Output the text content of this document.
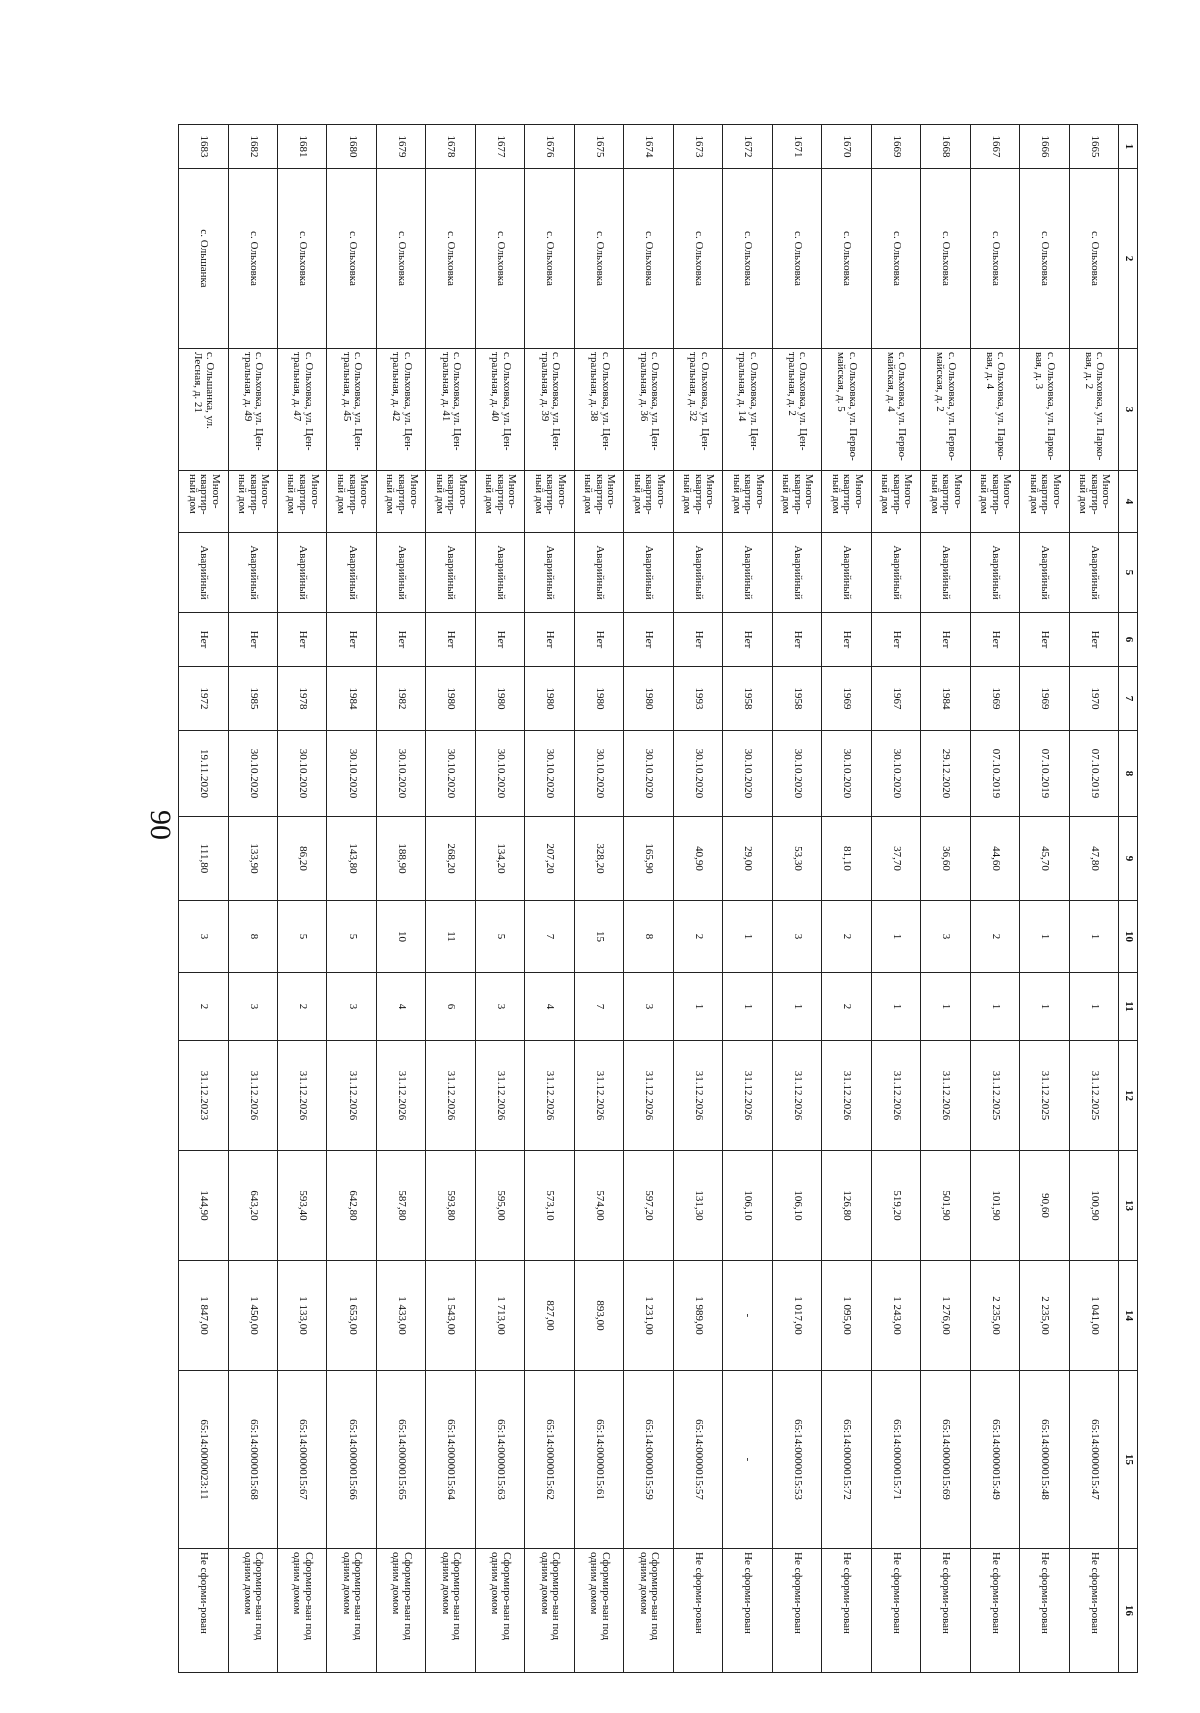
90
1	2	3	4	5	6	7	8	9	10	11	12	13	14	15	16
1665	с. Ольховка	с. Ольховка, ул. Парко-вая, д. 2	Много-квартир-ный дом	Аварийный	Нет	1970	07.10.2019	47,80	1	1	31.12.2025	100,90	1 041,00	65:14:0000015:47	Не сформи-рован
1666	с. Ольховка	с. Ольховка, ул. Парко-вая, д. 3	Много-квартир-ный дом	Аварийный	Нет	1969	07.10.2019	45,70	1	1	31.12.2025	90,60	2 235,00	65:14:0000015:48	Не сформи-рован
1667	с. Ольховка	с. Ольховка, ул. Парко-вая, д. 4	Много-квартир-ный дом	Аварийный	Нет	1969	07.10.2019	44,60	2	1	31.12.2025	101,90	2 235,00	65:14:0000015:49	Не сформи-рован
1668	с. Ольховка	с. Ольховка, ул. Перво-майская, д. 2	Много-квартир-ный дом	Аварийный	Нет	1984	29.12.2020	36,60	3	1	31.12.2026	501,90	1 276,00	65:14:0000015:69	Не сформи-рован
1669	с. Ольховка	с. Ольховка, ул. Перво-майская, д. 4	Много-квартир-ный дом	Аварийный	Нет	1967	30.10.2020	37,70	1	1	31.12.2026	519,20	1 243,00	65:14:0000015:71	Не сформи-рован
1670	с. Ольховка	с. Ольховка, ул. Перво-майская, д. 5	Много-квартир-ный дом	Аварийный	Нет	1969	30.10.2020	81,10	2	2	31.12.2026	126,80	1 095,00	65:14:0000015:72	Не сформи-рован
1671	с. Ольховка	с. Ольховка, ул. Цен-тральная, д. 2	Много-квартир-ный дом	Аварийный	Нет	1958	30.10.2020	53,30	3	1	31.12.2026	106,10	1 017,00	65:14:0000015:53	Не сформи-рован
1672	с. Ольховка	с. Ольховка, ул. Цен-тральная, д. 14	Много-квартир-ный дом	Аварийный	Нет	1958	30.10.2020	29,00	1	1	31.12.2026	106,10	-	-	Не сформи-рован
1673	с. Ольховка	с. Ольховка, ул. Цен-тральная, д. 32	Много-квартир-ный дом	Аварийный	Нет	1993	30.10.2020	40,90	2	1	31.12.2026	131,30	1 989,00	65:14:0000015:57	Не сформи-рован
1674	с. Ольховка	с. Ольховка, ул. Цен-тральная, д. 36	Много-квартир-ный дом	Аварийный	Нет	1980	30.10.2020	165,90	8	3	31.12.2026	597,20	1 231,00	65:14:0000015:59	Сформиро-ван под одним домом
1675	с. Ольховка	с. Ольховка, ул. Цен-тральная, д. 38	Много-квартир-ный дом	Аварийный	Нет	1980	30.10.2020	328,20	15	7	31.12.2026	574,00	893,00	65:14:0000015:61	Сформиро-ван под одним домом
1676	с. Ольховка	с. Ольховка, ул. Цен-тральная, д. 39	Много-квартир-ный дом	Аварийный	Нет	1980	30.10.2020	207,20	7	4	31.12.2026	573,10	827,00	65:14:0000015:62	Сформиро-ван под одним домом
1677	с. Ольховка	с. Ольховка, ул. Цен-тральная, д. 40	Много-квартир-ный дом	Аварийный	Нет	1980	30.10.2020	134,20	5	3	31.12.2026	595,00	1 713,00	65:14:0000015:63	Сформиро-ван под одним домом
1678	с. Ольховка	с. Ольховка, ул. Цен-тральная, д. 41	Много-квартир-ный дом	Аварийный	Нет	1980	30.10.2020	268,20	11	6	31.12.2026	593,80	1 543,00	65:14:0000015:64	Сформиро-ван под одним домом
1679	с. Ольховка	с. Ольховка, ул. Цен-тральная, д. 42	Много-квартир-ный дом	Аварийный	Нет	1982	30.10.2020	188,90	10	4	31.12.2026	587,80	1 433,00	65:14:0000015:65	Сформиро-ван под одним домом
1680	с. Ольховка	с. Ольховка, ул. Цен-тральная, д. 45	Много-квартир-ный дом	Аварийный	Нет	1984	30.10.2020	143,80	5	3	31.12.2026	642,80	1 653,00	65:14:0000015:66	Сформиро-ван под одним домом
1681	с. Ольховка	с. Ольховка, ул. Цен-тральная, д. 47	Много-квартир-ный дом	Аварийный	Нет	1978	30.10.2020	86,20	5	2	31.12.2026	593,40	1 133,00	65:14:0000015:67	Сформиро-ван под одним домом
1682	с. Ольховка	с. Ольховка, ул. Цен-тральная, д. 49	Много-квартир-ный дом	Аварийный	Нет	1985	30.10.2020	133,90	8	3	31.12.2026	643,20	1 450,00	65:14:0000015:68	Сформиро-ван под одним домом
1683	с. Ольшанка	с. Ольшанка, ул. Лесная, д. 21	Много-квартир-ный дом	Аварийный	Нет	1972	19.11.2020	111,80	3	2	31.12.2023	144,90	1 847,00	65:14:0000023:11	Не сформи-рован
